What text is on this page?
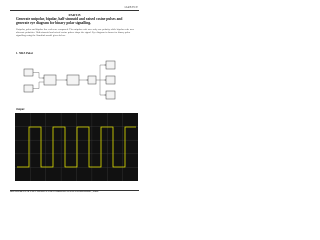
IARE/ECE
PART-B
Generate unipolar, bipolar, half-sinusoid and raised cosine pulses and generate eye diagram for binary polar signalling.
Unipolar, polar and bipolar line codes are compared. The unipolar code uses only one polarity while bipolar code uses alternate polarities. Half-sinusoid and raised cosine pulses shape the signal. Eye diagram is drawn for binary polar signalling using the Simulink model given below.
1. NRZ Polar
Output:
DEPARTMENT OF ELECTRONICS AND COMMUNICATION ENGINEERING | IARE
